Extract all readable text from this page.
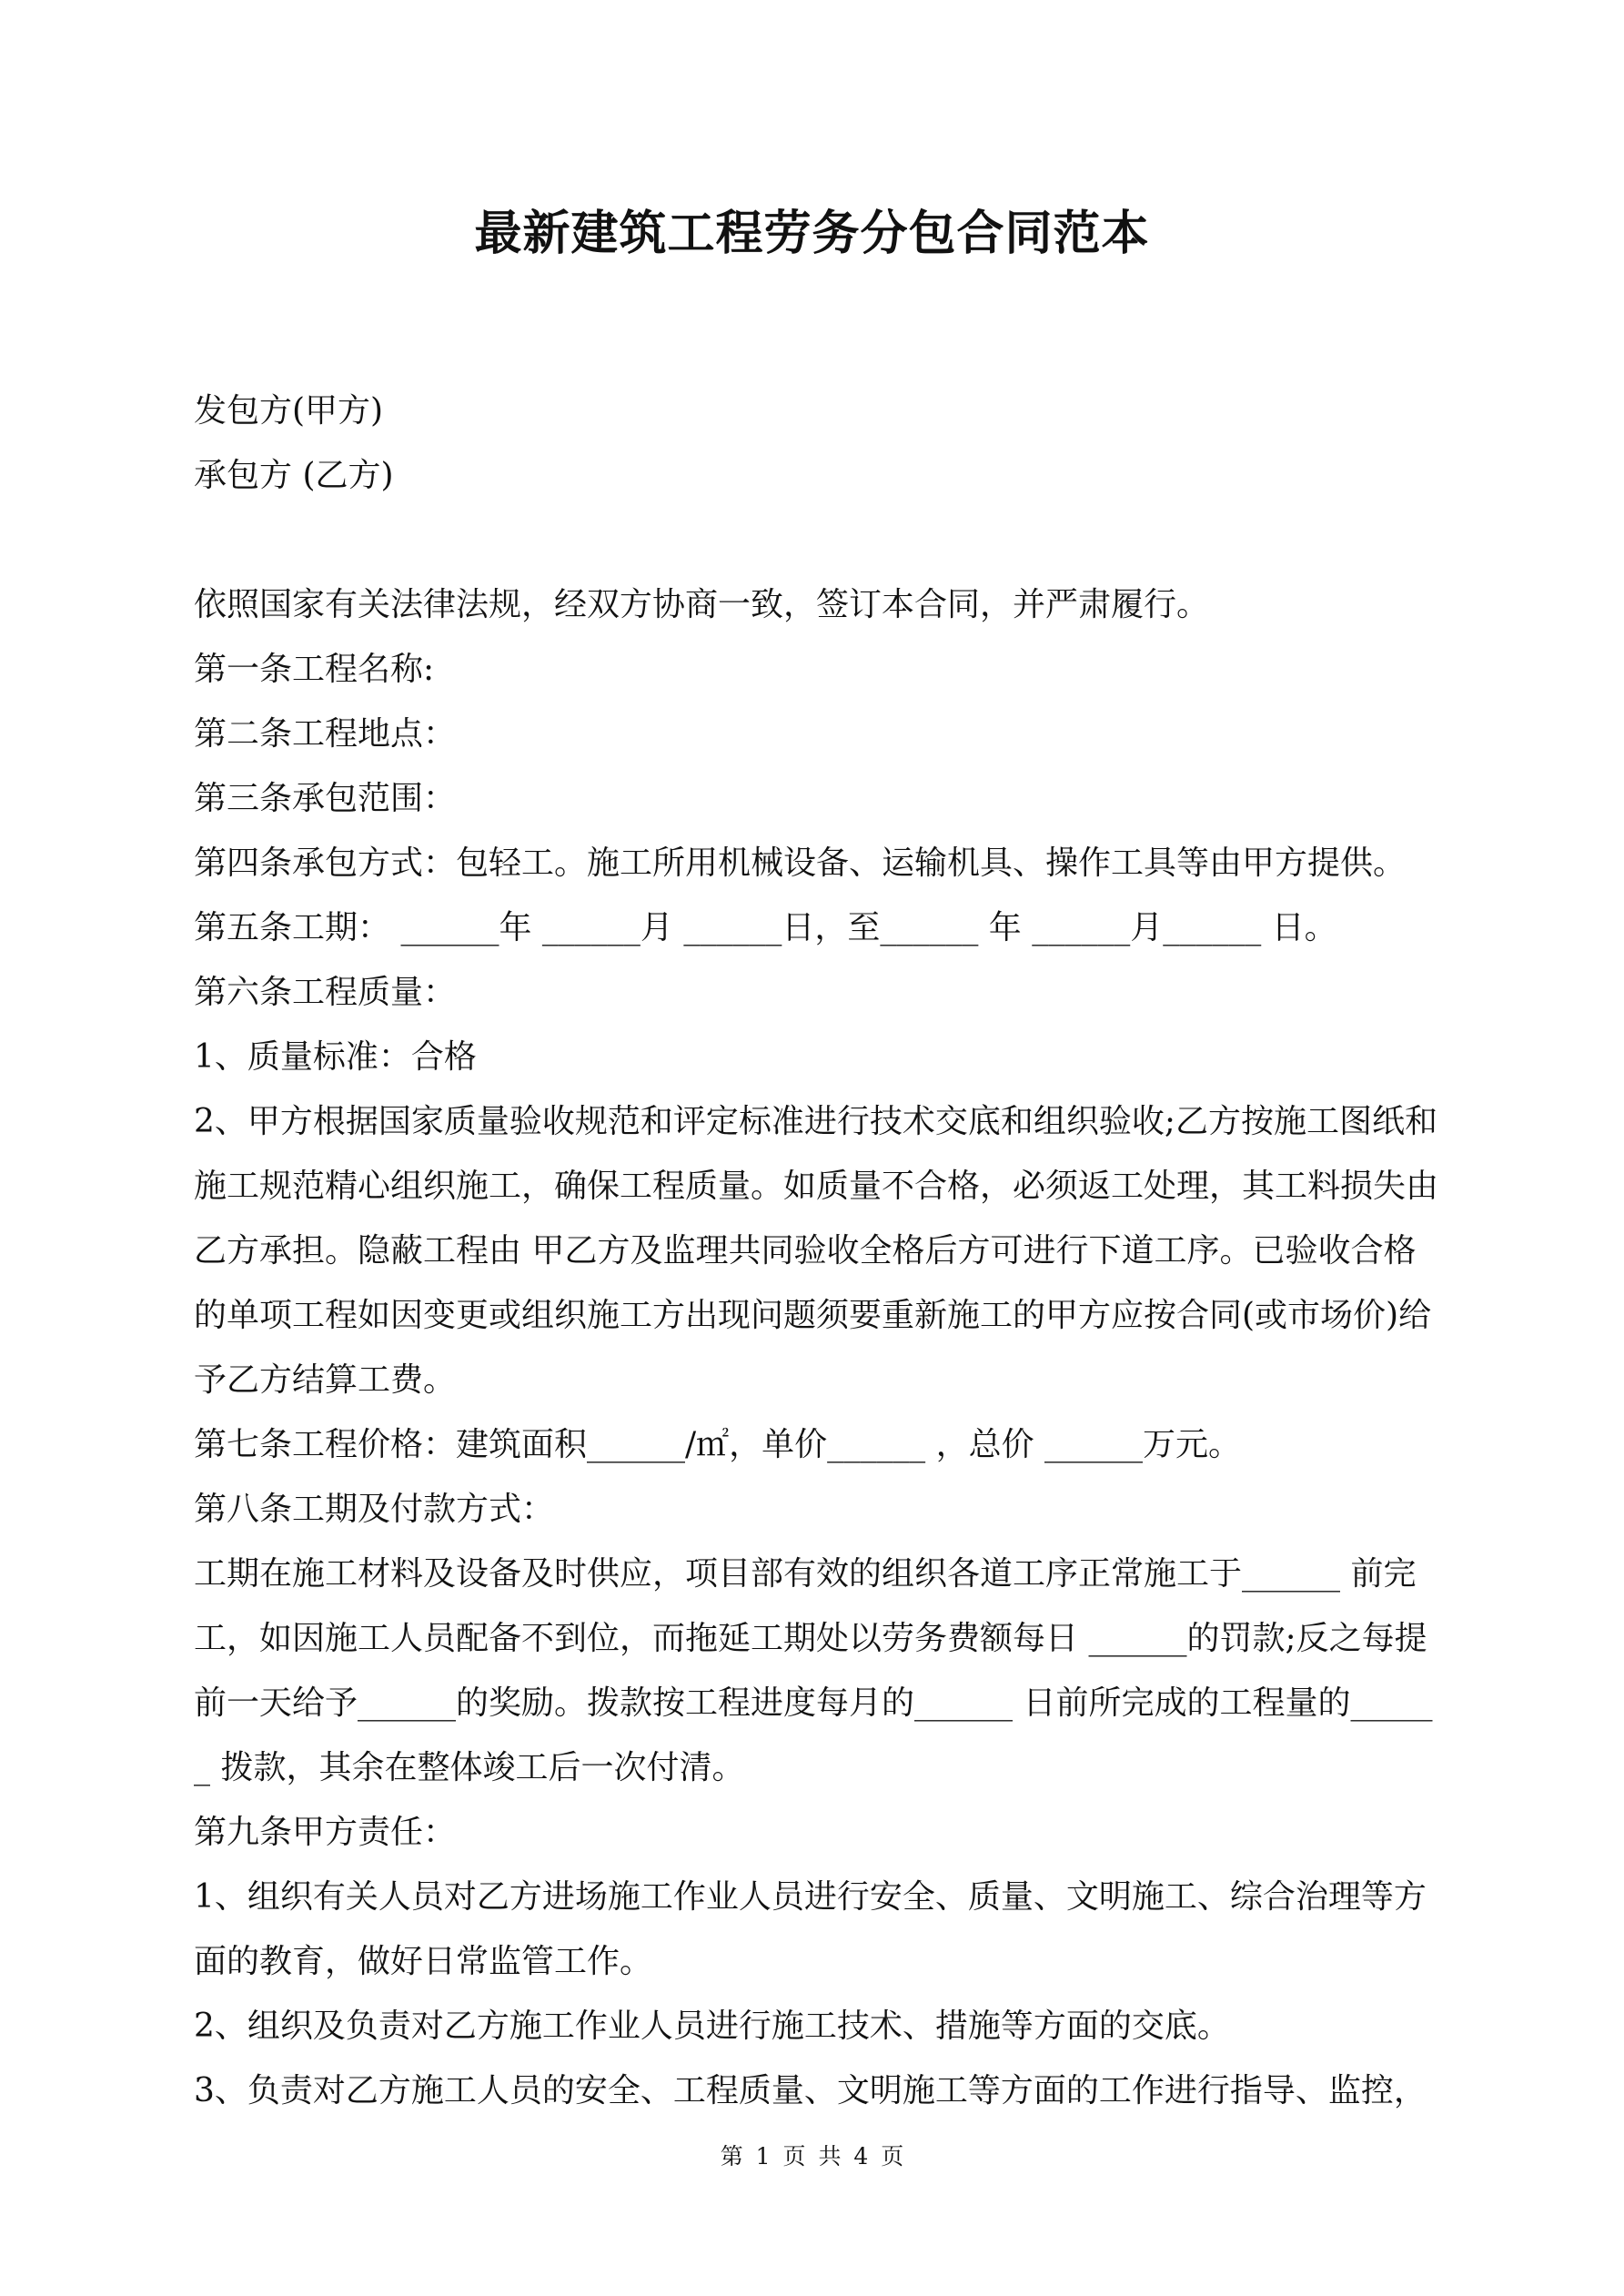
最新建筑工程劳务分包合同范本

发包方(甲方)

承包方 (乙方)

依照国家有关法律法规，经双方协商一致，签订本合同，并严肃履行。

第一条工程名称:

第二条工程地点：

第三条承包范围：

第四条承包方式：包轻工。施工所用机械设备、运输机具、操作工具等由甲方提供。

第五条工期： ______年 ______月 ______日，至______ 年 ______月______ 日。

第六条工程质量：

1、质量标准：合格

2、甲方根据国家质量验收规范和评定标准进行技术交底和组织验收;乙方按施工图纸和施工规范精心组织施工，确保工程质量。如质量不合格，必须返工处理，其工料损失由乙方承担。隐蔽工程由 甲乙方及监理共同验收全格后方可进行下道工序。已验收合格的单项工程如因变更或组织施工方出现问题须要重新施工的甲方应按合同(或市场价)给予乙方结算工费。

第七条工程价格：建筑面积______/㎡，单价______ ，总价 ______万元。

第八条工期及付款方式：

工期在施工材料及设备及时供应，项目部有效的组织各道工序正常施工于______ 前完工，如因施工人员配备不到位，而拖延工期处以劳务费额每日 ______的罚款;反之每提前一天给予______的奖励。拨款按工程进度每月的______ 日前所完成的工程量的______ 拨款，其余在整体竣工后一次付清。

第九条甲方责任：

1、组织有关人员对乙方进场施工作业人员进行安全、质量、文明施工、综合治理等方面的教育，做好日常监管工作。

2、组织及负责对乙方施工作业人员进行施工技术、措施等方面的交底。

3、负责对乙方施工人员的安全、工程质量、文明施工等方面的工作进行指导、监控，

第 1 页 共 4 页
